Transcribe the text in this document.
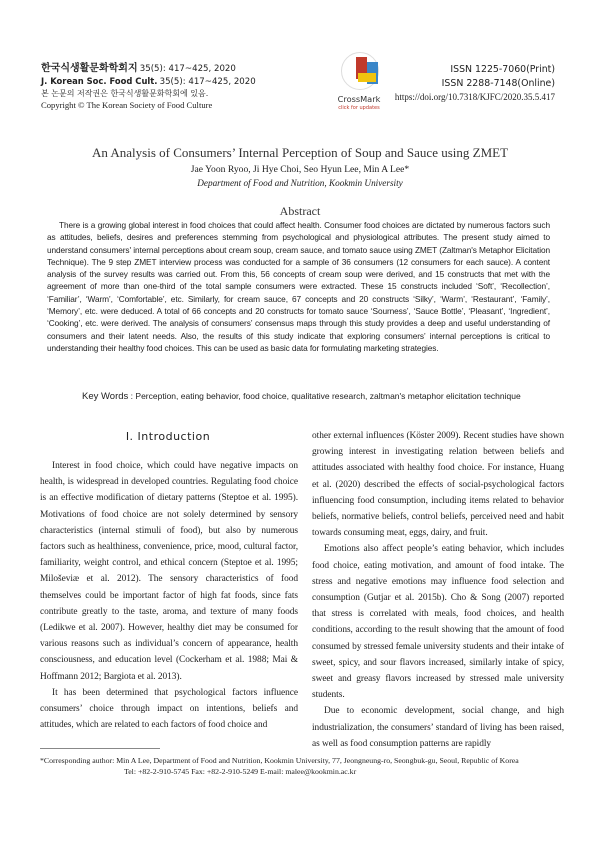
한국식생활문화학회지 35(5): 417~425, 2020
J. Korean Soc. Food Cult. 35(5): 417~425, 2020
본 논문의 저작권은 한국식생활문화학회에 있음.
Copyright © The Korean Society of Food Culture
CrossMark
click for updates
ISSN 1225-7060(Print)
ISSN 2288-7148(Online)
https://doi.org/10.7318/KJFC/2020.35.5.417
An Analysis of Consumers’ Internal Perception of Soup and Sauce using ZMET
Jae Yoon Ryoo, Ji Hye Choi, Seo Hyun Lee, Min A Lee*
Department of Food and Nutrition, Kookmin University
Abstract
There is a growing global interest in food choices that could affect health. Consumer food choices are dictated by numerous factors such as attitudes, beliefs, desires and preferences stemming from psychological and physiological attributes. The present study aimed to understand consumers' internal perceptions about cream soup, cream sauce, and tomato sauce using ZMET (Zaltman's Metaphor Elicitation Technique). The 9 step ZMET interview process was conducted for a sample of 36 consumers (12 consumers for each sauce). A content analysis of the survey results was carried out. From this, 56 concepts of cream soup were derived, and 15 constructs that met with the agreement of more than one-third of the total sample consumers were extracted. These 15 constructs included ‘Soft’, ‘Recollection’, ‘Familiar’, ‘Warm’, ‘Comfortable’, etc. Similarly, for cream sauce, 67 concepts and 20 constructs ‘Silky’, ‘Warm’, ‘Restaurant’, ‘Family’, ‘Memory’, etc. were deduced. A total of 66 concepts and 20 constructs for tomato sauce ‘Sourness’, ‘Sauce Bottle’, ‘Pleasant’, ‘Ingredient’, ‘Cooking’, etc. were derived. The analysis of consumers’ consensus maps through this study provides a deep and useful understanding of consumers and their latent needs. Also, the results of this study indicate that exploring consumers’ internal perceptions is critical to understanding their healthy food choices. This can be used as basic data for formulating marketing strategies.
Key Words : Perception, eating behavior, food choice, qualitative research, zaltman's metaphor elicitation technique
I. Introduction

Interest in food choice, which could have negative impacts on health, is widespread in developed countries. Regulating food choice is an effective modification of dietary patterns (Steptoe et al. 1995). Motivations of food choice are not solely determined by sensory characteristics (internal stimuli of food), but also by numerous factors such as healthiness, convenience, price, mood, cultural factor, familiarity, weight control, and ethical concern (Steptoe et al. 1995; Miloševiæ et al. 2012). The sensory characteristics of food themselves could be important factor of high fat foods, since fats contribute greatly to the taste, aroma, and texture of many foods (Ledikwe et al. 2007). However, healthy diet may be consumed for various reasons such as individual’s concern of appearance, health consciousness, and education level (Cockerham et al. 1988; Mai & Hoffmann 2012; Bargiota et al. 2013).

It has been determined that psychological factors influence consumers’ choice through impact on intentions, beliefs and attitudes, which are related to each factors of food choice and

other external influences (Köster 2009). Recent studies have shown growing interest in investigating relation between beliefs and attitudes associated with healthy food choice. For instance, Huang et al. (2020) described the effects of social-psychological factors influencing food consumption, including items related to behavior beliefs, normative beliefs, control beliefs, perceived need and habit towards consuming meat, eggs, dairy, and fruit.

Emotions also affect people’s eating behavior, which includes food choice, eating motivation, and amount of food intake. The stress and negative emotions may influence food selection and consumption (Gutjar et al. 2015b). Cho & Song (2007) reported that stress is correlated with meals, food choices, and health conditions, according to the result showing that the amount of food consumed by stressed female university students and their intake of sweet, spicy, and sour flavors increased, similarly intake of spicy, sweet and greasy flavors increased by stressed male university students.

Due to economic development, social change, and high industrialization, the consumers’ standard of living has been raised, as well as food consumption patterns are rapidly

*Corresponding author: Min A Lee, Department of Food and Nutrition, Kookmin University, 77, Jeongneung-ro, Seongbuk-gu, Seoul, Republic of Korea
Tel: +82-2-910-5745 Fax: +82-2-910-5249 E-mail: malee@kookmin.ac.kr
